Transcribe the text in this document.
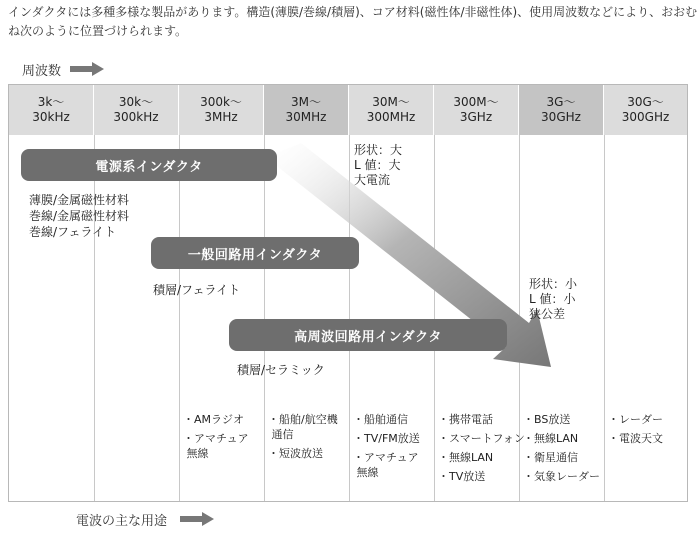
インダクタには多種多様な製品があります。構造(薄膜/巻線/積層)、コア材料(磁性体/非磁性体)、使用周波数などにより、おおむね次のように位置づけられます。

周波数
3k〜
30kHz
30k〜
300kHz
300k〜
3MHz
3M〜
30MHz
30M〜
300MHz
300M〜
3GHz
3G〜
30GHz
30G〜
300GHz
電源系インダクタ
一般回路用インダクタ
高周波回路用インダクタ
薄膜/金属磁性材料
巻線/金属磁性材料
巻線/フェライト
積層/フェライト
積層/セラミック
形状：大
L 値：大
大電流
形状：小
L 値：小
狭公差
・AMラジオ
・アマチュア
無線
・船舶/航空機
通信
・短波放送
・船舶通信
・TV/FM放送
・アマチュア
無線
・携帯電話
・スマートフォン
・無線LAN
・TV放送
・BS放送
・無線LAN
・衛星通信
・気象レーダー
・レーダー
・電波天文
電波の主な用途
